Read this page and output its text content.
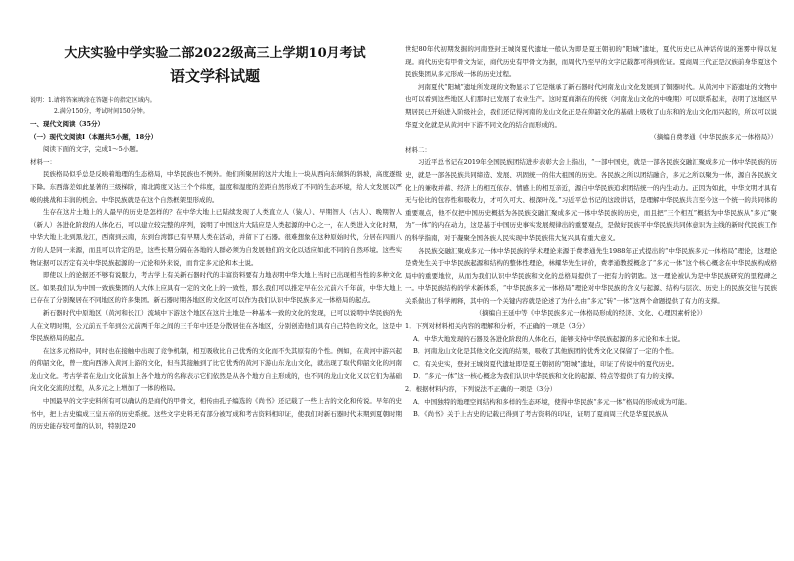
大庆实验中学实验二部2022级高三上学期10月考试
语文学科试题

说明：1.请将答案填涂在答题卡的指定区域内。

2.满分150分，考试时间150分钟。

一、现代文阅读（35分）

（一）现代文阅读Ⅰ（本题共5小题，18分）

阅读下面的文字，完成1～5小题。

材料一：

民族格局似乎总是反映着地理的生态格局，中华民族也不例外。他们所聚居的这片大地上一块从西向东倾斜的斜坡，高度逐级下降。东西落差如此显著的三级梯阶，南北跨度又达三个个纬度，温度和湿度的差距自然形成了不同的生态环境，给人文发展以严峻的挑战和丰润的机会。中华民族就是在这个自然框架里形成的。

生存在这片土地上的人最早的历史是怎样的？在中华大地上已陆续发现了人类直立人（猿人）、早期智人（古人）、晚期智人（新人）各进化阶段的人体化石，可以建立较完整的序列，说明了中国这片大陆应是人类起源的中心之一，在人类进入文化时期，中华大地上北到黑龙江，西南到云南，东到台湾都已有早期人类在活动，并留下了石器。很难想象在这种原始时代，分居在四面八方的人是同一来源，而且可以肯定的是，这些长期分隔在各地的人群必须为自发展他们的文化以适应如此不同的自然环境。这些实物证据可以否定有关中华民族起源的一元论和外来说，而肯定多元论和本土说。

即使以上的论据还不够有说服力，考古学上有关新石器时代的丰富资料要有力地表明中华大地上当时已出现相当性的多种文化区。如果我们认为中国一致族集团的人大体上应具有一定的文化上的一致性，那么我们可以推定早在公元前六千年前，中华大地上已存在了分别聚居在不同地区的许多集团。新石器时期各地区的文化区可以作为我们认识中华民族多元一体格局的起点。

新石器时代中原地区（黄河和长江）流域中下游这个地区在这片土地是一种基本一致的文化的发现，已可以说明中华民族的先人在文明时期，公元前五千年到公元前两千年之间的三千年中还是分散居住在各地区，分别创造他们具有自己特色的文化，这是中华民族格局的起点。

在这多元格局中，同时也在接触中出现了竞争机制，相互吸收比自己优秀的文化而不失其原有的个性。例如，在黄河中游兴起的仰韶文化，曾一度向西渗入黄河上游的文化，但当其接触到了比它优秀的黄河下游山东龙山文化，就出现了取代仰韶文化的河南龙山文化。考古学者在龙山文化前加上各个地方的名称表示它们依然是从各个地方自主形成的，也不同的龙山文化又以它们为基础向文化交流的过程，从多元之上增加了一体的格局。

中国最早的文字史料所有可以确认的是商代的甲骨文，相传由孔子编选的《尚书》还记载了一些上古的文化和传说。早年的史书中，把上古史编成三皇五帝的历史系统。这些文字史料无有部分被写成和考古资料相印证，使我们对新石器时代末期到夏朝时期的历史能存较可靠的认识，特别是20

世纪80年代初期发掘的河南登封王城岗夏代遗址一般认为即是夏王朝初的“阳城”遗址，夏代历史已从神话传说的迷雾中得以复现。商代历史有甲骨文为证，商代历史有甲骨文为据，而周代乃至早的文字记载都可得到佐证。夏商周三代正是汉族前身华夏这个民族集团从多元形成一体的历史过程。

河南夏代“阳城”遗址所发现的文物显示了它是继承了新石器时代河南龙山文化发展到了铜器时代。从黄河中下游遗址的文物中也可以看到这些地区人们那时已发展了农业生产。这时夏商渐在的传统（河南龙山文化的中晚期）可以联系起来，表明了这地区早期居民已开始进入阶级社会，我们还记得河南的龙山文化正是在仰韶文化的基础上吸收了山东和的龙山文化而兴起的，所以可以说华夏文化就是从黄河中下游不同文化的结合而形成的。

（摘编自费孝通《中华民族多元一体格局》）

材料二：

习近平总书记在2019年全国民族团结进步表彰大会上指出，“一部中国史，就是一部各民族交融汇聚成多元一体中华民族的历史，就是一部各民族共同缔造、发展、巩固统一的伟大祖国的历史。各民族之所以团结融合，多元之所以聚为一体，源自各民族文化上的兼收并蓄、经济上的相互依存、情感上的相互亲近，源自中华民族追求团结统一的内生动力。正因为如此，中华文明才具有无与伦比的包容性和吸收力，才可久可大、根深叶茂。”习近平总书记的这段讲话，是理解中华民族共言至今这一个统一的共同体的重要观点，他不仅把中国历史概括为各民族交融汇聚成多元一体中华民族的历史，而且把“三个相互”概括为中华民族从“多元”聚为“一体”的内在动力，这是基于中国历史事实发展规律出的重要观点，是做好民族平中华民族共同体意识为主线的新时代民族工作的科学指南，对于凝聚全国各族人民实现中华民族伟大复兴具有重大意义。

各民族交融汇聚成多元一体中华民族的学术理论来源于费孝通先生1988年正式提出的“中华民族多元一体格局”理论，这理论是费先生关于中华民族起源和结构的整体性理论，林耀华先生评价，费孝通教授概念了“多元一体”这个核心概念在中华民族构成格局中的重要地位，从而为我们认识中华民族和文化的总格局提供了一把有力的钥匙。这一理论被认为是中华民族研究的里程碑之一。中华民族结构的学术新体系，“中华民族多元一体格局”理论对中华民族的含义与起源、结构与层次、历史上的民族交往与民族关系做出了科学阐释，其中的一个关键内容就是论述了为什么由“多元”转“一体”这两个命题提供了有力的支撑。

（摘编自王延中等《中华民族多元一体格局形成的经济、文化、心理因素析论》）

1．下列对材料相关内容的理解和分析，不正确的一项是（3分）

A．中华大地发现的石器及各进化阶段的人体化石，能够支持中华民族起源的多元论和本土说。

B．河南龙山文化是其他文化交流的结果，吸收了其他族团的优秀文化又保留了一定的个性。

C．有关史实，登封王城岗夏代遗址即是夏王朝初的“阳城”遗址，印证了传说中的夏代历史。

D．“多元一体”这一核心概念为我们认识中华民族和文化的起源、特点等提供了有力的支撑。

2．根据材料内容，下列说法不正确的一项是（3分）

A．中国独特的地理空间结构和多样的生态环境，使得中华民族“多元一体”格局的形成成为可能。

B．《尚书》关于上古史的记载已得到了考古资料的印证，证明了夏商周三代是华夏民族从
